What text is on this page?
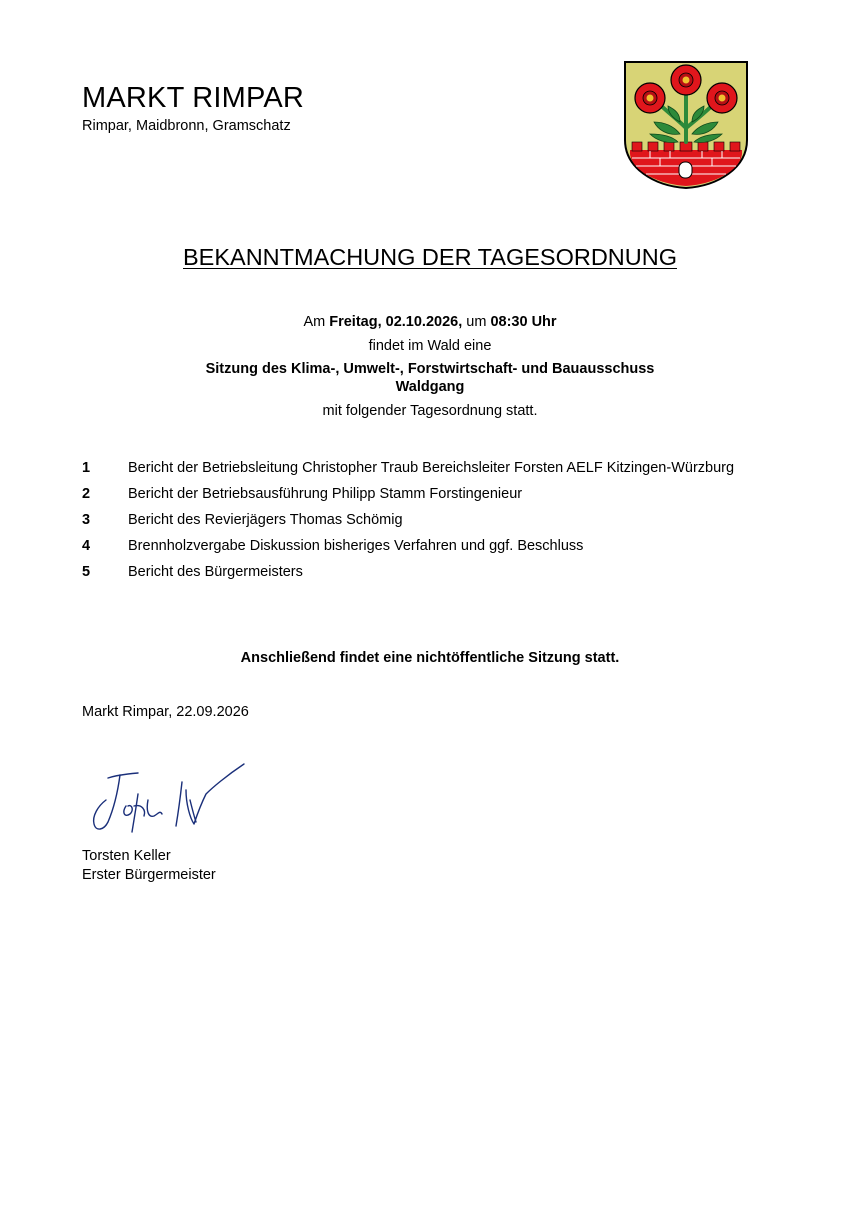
MARKT RIMPAR
Rimpar, Maidbronn, Gramschatz
BEKANNTMACHUNG DER TAGESORDNUNG
Am Freitag, 02.10.2026, um 08:30 Uhr
findet im Wald eine
Sitzung des Klima-, Umwelt-, Forstwirtschaft- und Bauausschuss
Waldgang
mit folgender Tagesordnung statt.
1	Bericht der Betriebsleitung Christopher Traub Bereichsleiter Forsten AELF Kitzingen-Würzburg
2	Bericht der Betriebsausführung Philipp Stamm Forstingenieur
3	Bericht des Revierjägers Thomas Schömig
4	Brennholzvergabe Diskussion bisheriges Verfahren und ggf. Beschluss
5	Bericht des Bürgermeisters
Anschließend findet eine nichtöffentliche Sitzung statt.
Markt Rimpar, 22.09.2026
Torsten Keller
Erster Bürgermeister
